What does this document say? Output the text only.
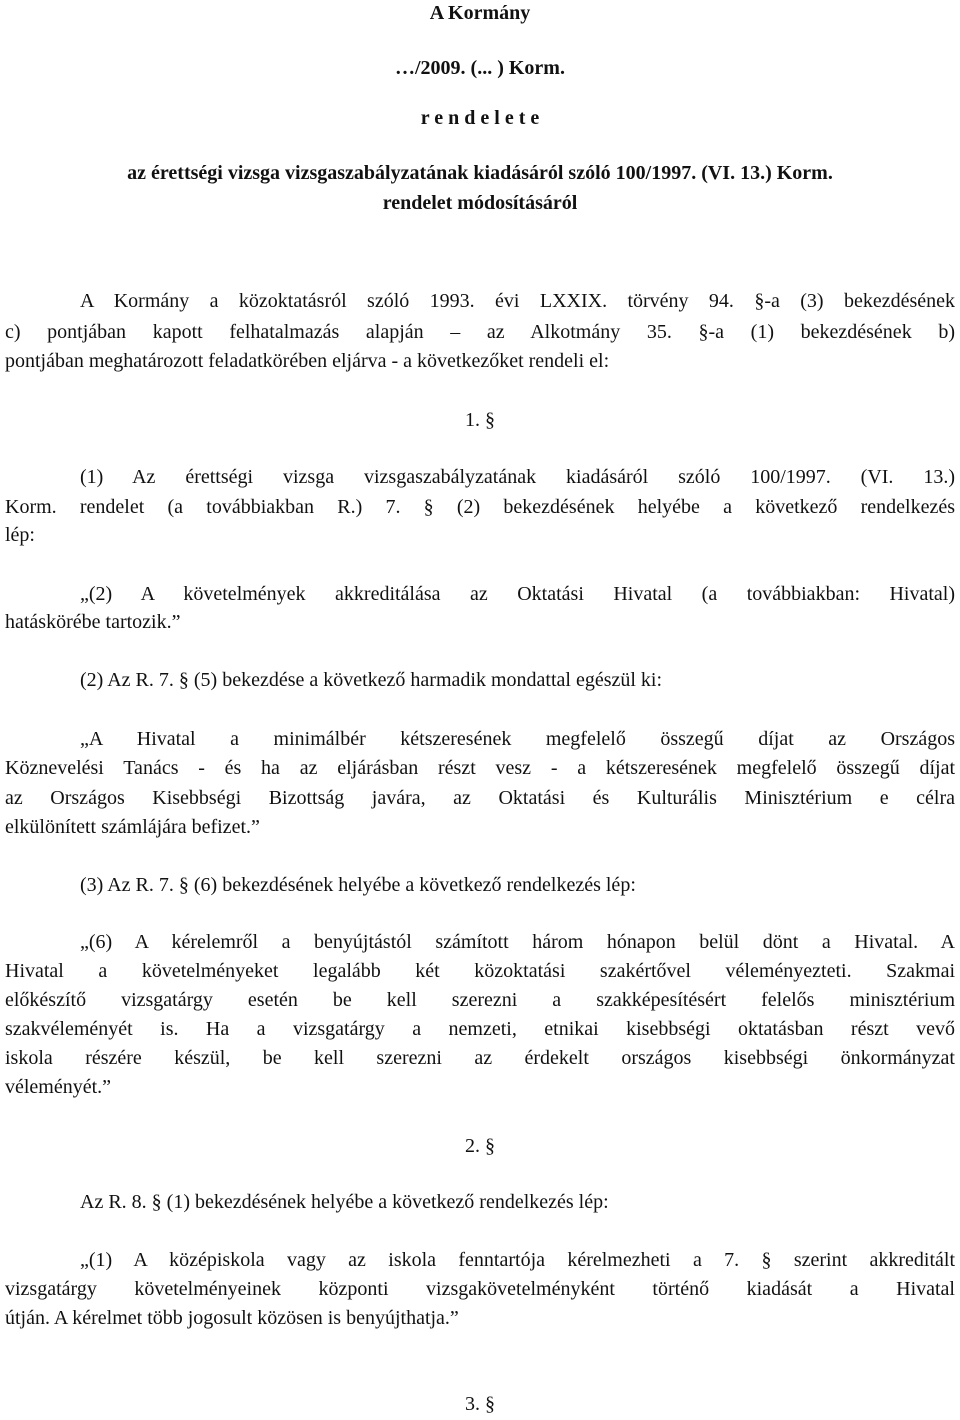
A Kormány
…/2009. (... ) Korm.
r e n d e l e t e
az érettségi vizsga vizsgaszabályzatának kiadásáról szóló 100/1997. (VI. 13.) Korm.
rendelet módosításáról
A Kormány a közoktatásról szóló 1993. évi LXXIX. törvény 94. §-a (3) bekezdésének
c) pontjában kapott felhatalmazás alapján – az Alkotmány 35. §-a (1) bekezdésének b)
pontjában meghatározott feladatkörében eljárva - a következőket rendeli el:
1. §
(1) Az érettségi vizsga vizsgaszabályzatának kiadásáról szóló 100/1997. (VI. 13.)
Korm. rendelet (a továbbiakban R.) 7. § (2) bekezdésének helyébe a következő rendelkezés
lép:
„(2) A követelmények akkreditálása az Oktatási Hivatal (a továbbiakban: Hivatal)
hatáskörébe tartozik.”
(2) Az R. 7. § (5) bekezdése a következő harmadik mondattal egészül ki:
„A Hivatal a minimálbér kétszeresének megfelelő összegű díjat az Országos
Köznevelési Tanács - és ha az eljárásban részt vesz - a kétszeresének megfelelő összegű díjat
az Országos Kisebbségi Bizottság javára, az Oktatási és Kulturális Minisztérium e célra
elkülönített számlájára befizet.”
(3) Az R. 7. § (6) bekezdésének helyébe a következő rendelkezés lép:
„(6) A kérelemről a benyújtástól számított három hónapon belül dönt a Hivatal. A
Hivatal a követelményeket legalább két közoktatási szakértővel véleményezteti. Szakmai
előkészítő vizsgatárgy esetén be kell szerezni a szakképesítésért felelős minisztérium
szakvéleményét is. Ha a vizsgatárgy a nemzeti, etnikai kisebbségi oktatásban részt vevő
iskola részére készül, be kell szerezni az érdekelt országos kisebbségi önkormányzat
véleményét.”
2. §
Az R. 8. § (1) bekezdésének helyébe a következő rendelkezés lép:
„(1) A középiskola vagy az iskola fenntartója kérelmezheti a 7. § szerint akkreditált
vizsgatárgy követelményeinek központi vizsgakövetelményként történő kiadását a Hivatal
útján. A kérelmet több jogosult közösen is benyújthatja.”
3. §
